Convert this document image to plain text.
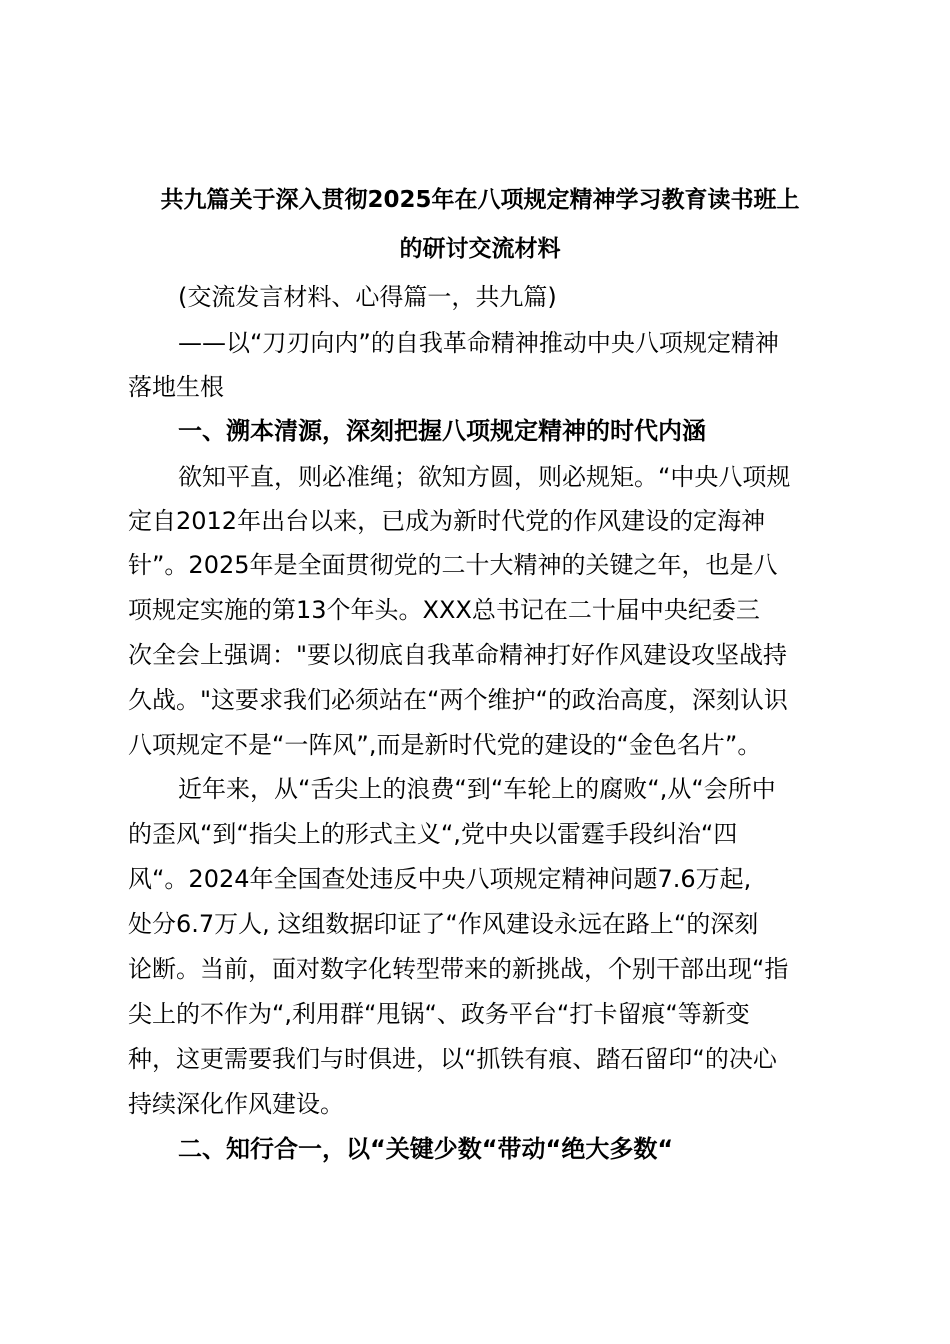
共九篇关于深入贯彻2025年在八项规定精神学习教育读书班上
的研讨交流材料
(交流发言材料、心得篇一，共九篇)
——以“刀刃向内”的自我革命精神推动中央八项规定精神
落地生根
一、溯本清源，深刻把握八项规定精神的时代内涵
欲知平直，则必准绳；欲知方圆，则必规矩。“中央八项规
定自2012年出台以来，已成为新时代党的作风建设的定海神
针”。2025年是全面贯彻党的二十大精神的关键之年，也是八
项规定实施的第13个年头。XXX总书记在二十届中央纪委三
次全会上强调："要以彻底自我革命精神打好作风建设攻坚战持
久战。"这要求我们必须站在“两个维护“的政治高度，深刻认识
八项规定不是“一阵风”,而是新时代党的建设的“金色名片”。
近年来，从“舌尖上的浪费“到“车轮上的腐败“,从“会所中
的歪风“到“指尖上的形式主义“,党中央以雷霆手段纠治“四
风“。2024年全国查处违反中央八项规定精神问题7.6万起,
处分6.7万人, 这组数据印证了“作风建设永远在路上“的深刻
论断。当前，面对数字化转型带来的新挑战，个别干部出现“指
尖上的不作为“,利用群“甩锅“、政务平台“打卡留痕“等新变
种，这更需要我们与时俱进，以“抓铁有痕、踏石留印“的决心
持续深化作风建设。
二、知行合一，以“关键少数“带动“绝大多数“
